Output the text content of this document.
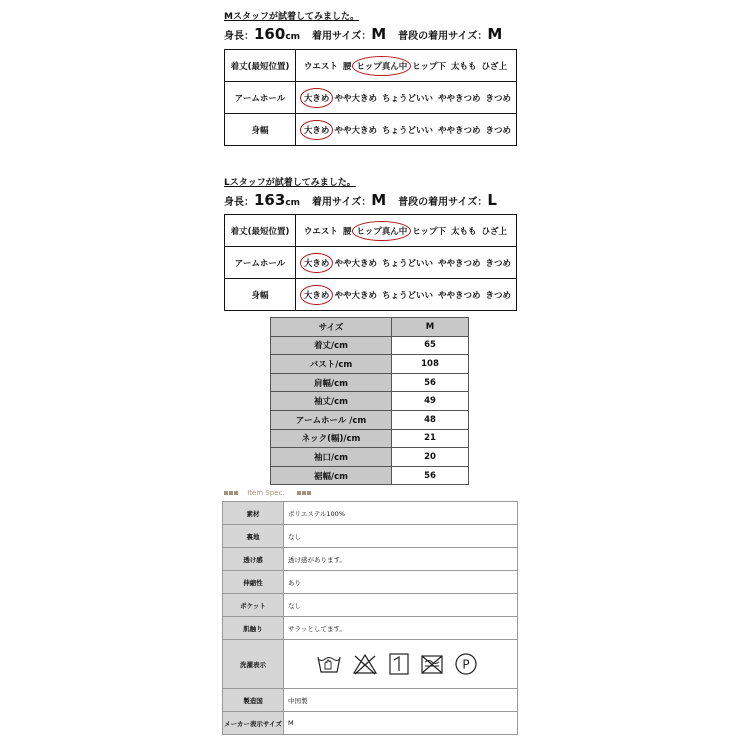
Mスタッフが試着してみました。
身長：160cm 着用サイズ：M 普段の着用サイズ：M
着丈(最短位置)	ウエスト 腰 ヒップ真ん中 ヒップ下 太もも ひざ上
アームホール	大きめ やや大きめ ちょうどいい ややきつめ きつめ
身幅	大きめ やや大きめ ちょうどいい ややきつめ きつめ
Lスタッフが試着してみました。
身長：163cm 着用サイズ：M 普段の着用サイズ：L
着丈(最短位置)	ウエスト 腰 ヒップ真ん中 ヒップ下 太もも ひざ上
アームホール	大きめ やや大きめ ちょうどいい ややきつめ きつめ
身幅	大きめ やや大きめ ちょうどいい ややきつめ きつめ
サイズ	M
着丈/cm	65
バスト/cm	108
肩幅/cm	56
袖丈/cm	49
アームホール /cm	48
ネック(幅)/cm	21
袖口/cm	20
裾幅/cm	56
Item Spec.
素材	ポリエステル100%
裏地	なし
透け感	透け感があります。
伸縮性	あり
ポケット	なし
肌触り	サラッとしてます。
洗濯表示	P

製造国	中国製
メーカー表示サイズ	M
